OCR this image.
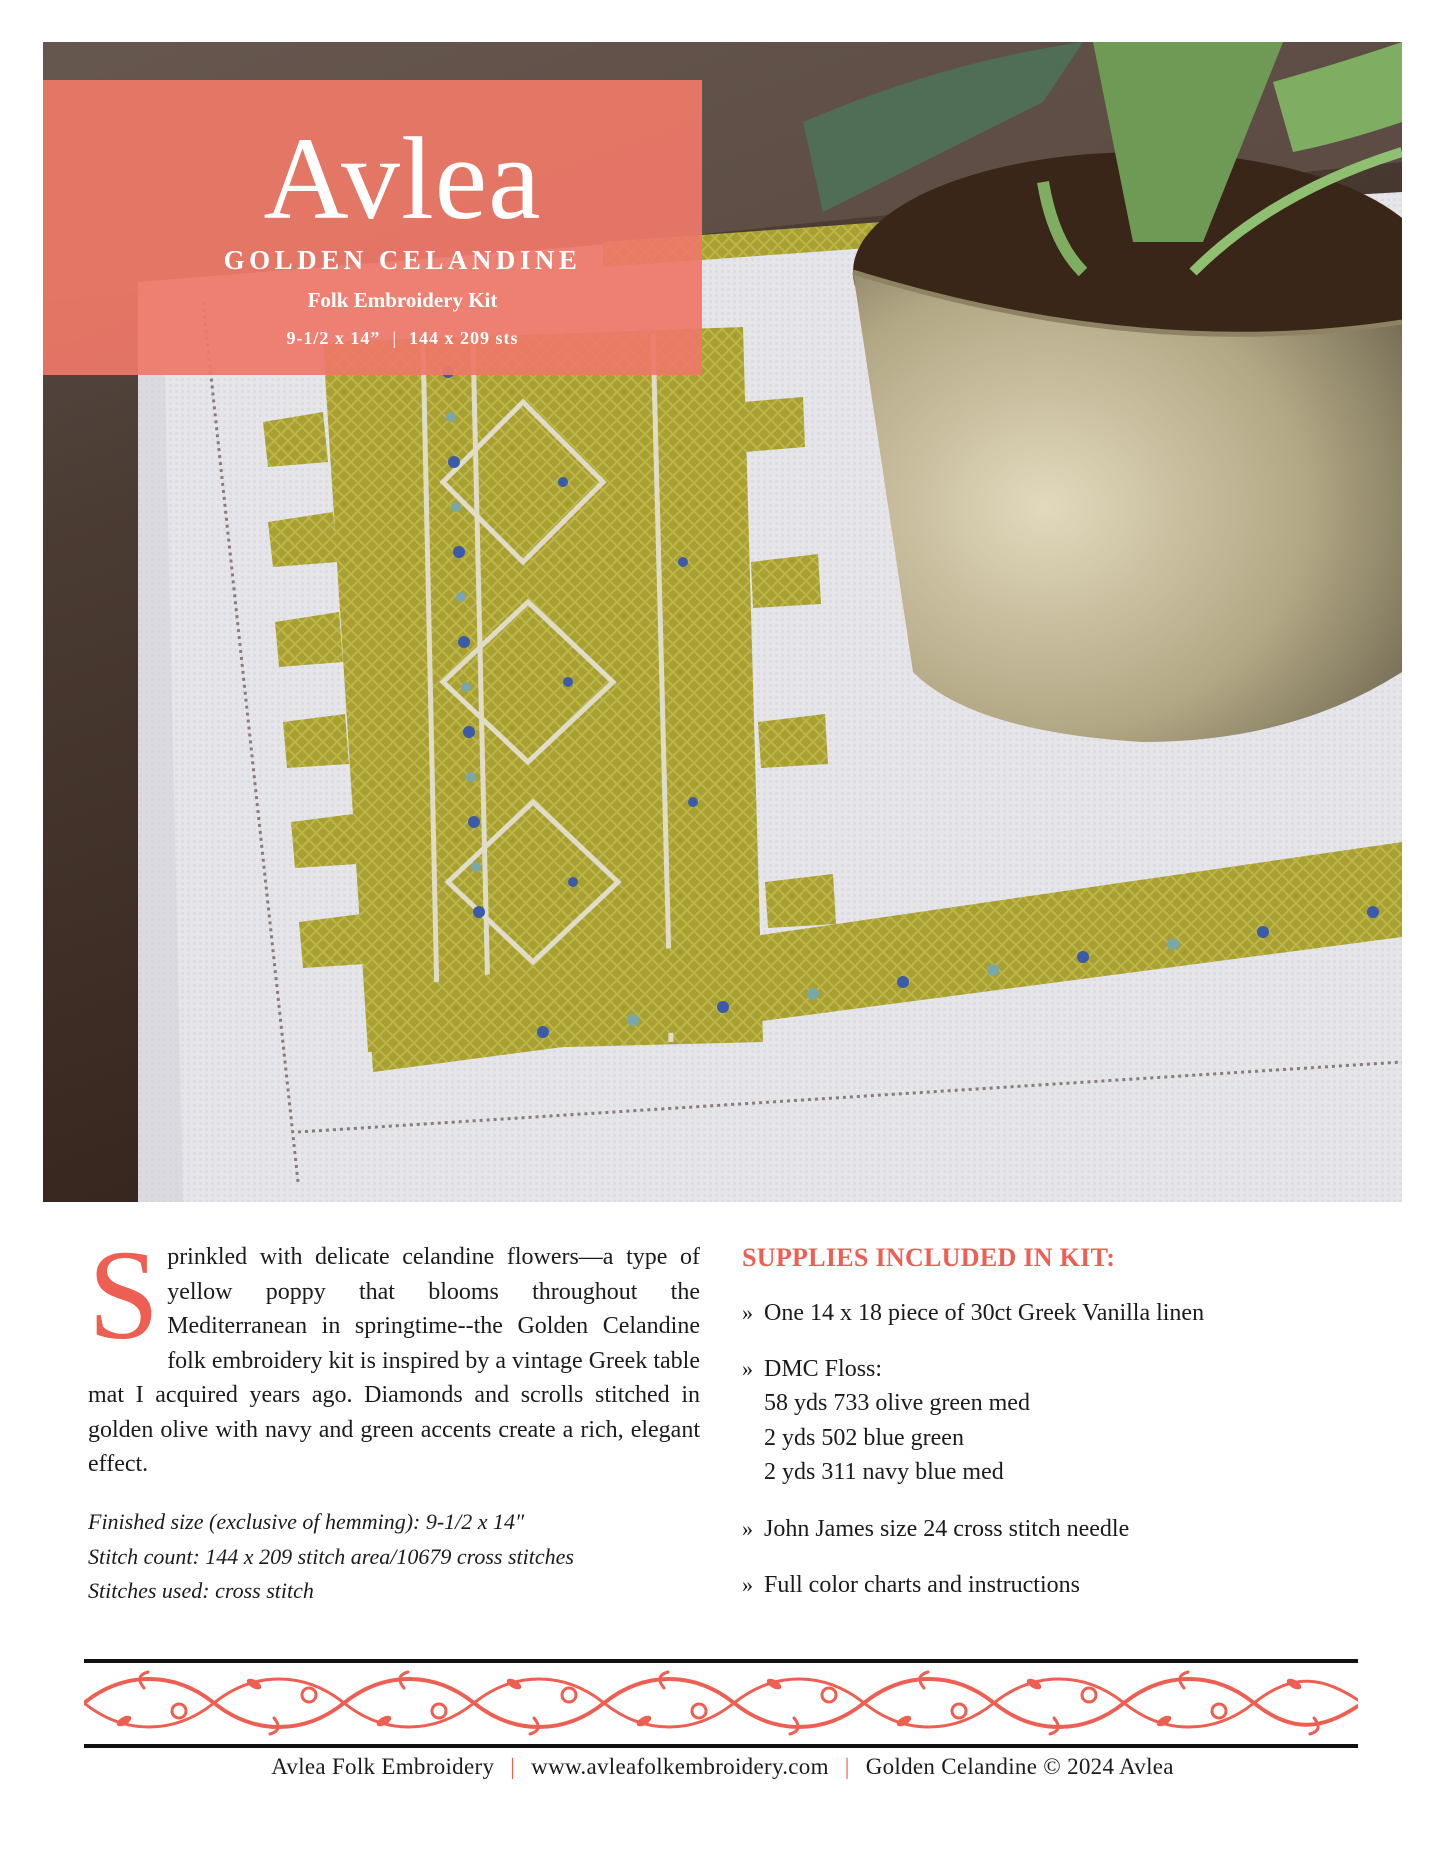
Avlea
GOLDEN CELANDINE
Folk Embroidery Kit
9-1/2 x 14” | 144 x 209 sts
Sprinkled with delicate celandine flowers—a type of yellow poppy that blooms throughout the Mediterranean in springtime--the Golden Celandine folk embroidery kit is inspired by a vintage Greek table mat I acquired years ago. Diamonds and scrolls stitched in golden olive with navy and green accents create a rich, elegant effect.
Finished size (exclusive of hemming): 9-1/2 x 14″
Stitch count: 144 x 209 stitch area/10679 cross stitches
Stitches used: cross stitch
SUPPLIES INCLUDED IN KIT:
» One 14 x 18 piece of 30ct Greek Vanilla linen
» DMC Floss:
58 yds 733 olive green med
2 yds 502 blue green
2 yds 311 navy blue med
» John James size 24 cross stitch needle
» Full color charts and instructions
Avlea Folk Embroidery | www.avleafolkembroidery.com | Golden Celandine © 2024 Avlea
